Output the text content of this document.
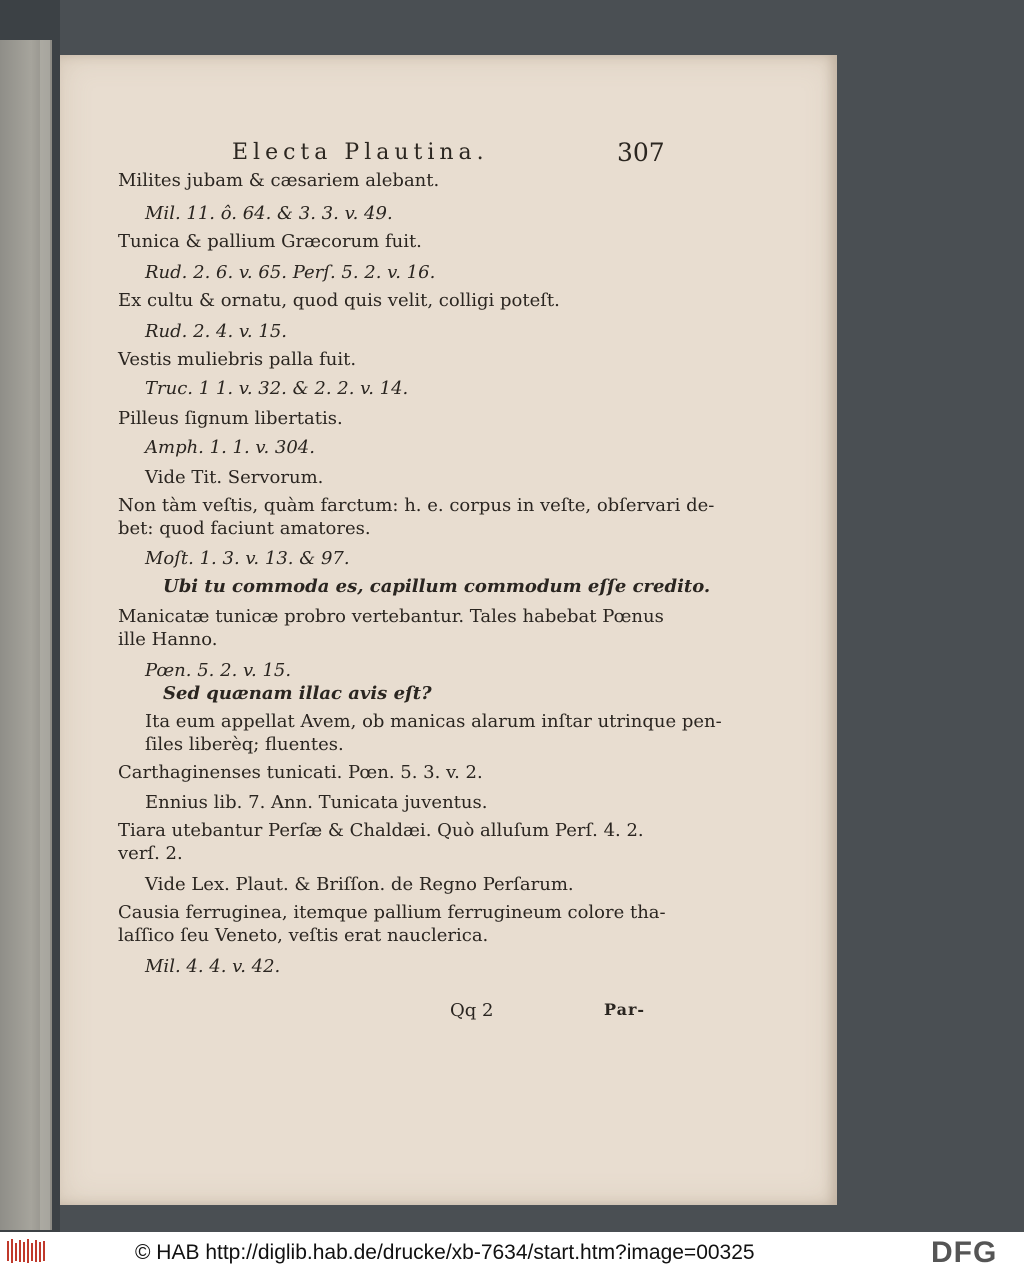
Electa Plautina.	307
Milites jubam & cæsariem alebant.
Mil. 11. ô. 64. & 3. 3. v. 49.
Tunica & pallium Græcorum fuit.
Rud. 2. 6. v. 65. Perſ. 5. 2. v. 16.
Ex cultu & ornatu, quod quis velit, colligi poteſt.
Rud. 2. 4. v. 15.
Vestis muliebris palla fuit.
Truc. 1 1. v. 32. & 2. 2. v. 14.
Pilleus ſignum libertatis.
Amph. 1. 1. v. 304.
Vide Tit. Servorum.
Non tàm veſtis, quàm farctum: h. e. corpus in veſte, obſervari de-
bet: quod faciunt amatores.
Moſt. 1. 3. v. 13. & 97.
Ubi tu commoda es, capillum commodum eſſe credito.
Manicatæ tunicæ probro vertebantur. Tales habebat Pœnus
ille Hanno.
Pœn. 5. 2. v. 15.
Sed quænam illac avis eſt?
Ita eum appellat Avem, ob manicas alarum inſtar utrinque pen-
ſiles liberèq; fluentes.
Carthaginenses tunicati. Pœn. 5. 3. v. 2.
Ennius lib. 7. Ann. Tunicata juventus.
Tiara utebantur Perſæ & Chaldæi. Quò alluſum Perſ. 4. 2.
verſ. 2.
Vide Lex. Plaut. & Briſſon. de Regno Perſarum.
Causia ferruginea, itemque pallium ferrugineum colore tha-
laſſico ſeu Veneto, veſtis erat nauclerica.
Mil. 4. 4. v. 42.
Qq 2	Par-
© HAB http://diglib.hab.de/drucke/xb-7634/start.htm?image=00325	DFG
